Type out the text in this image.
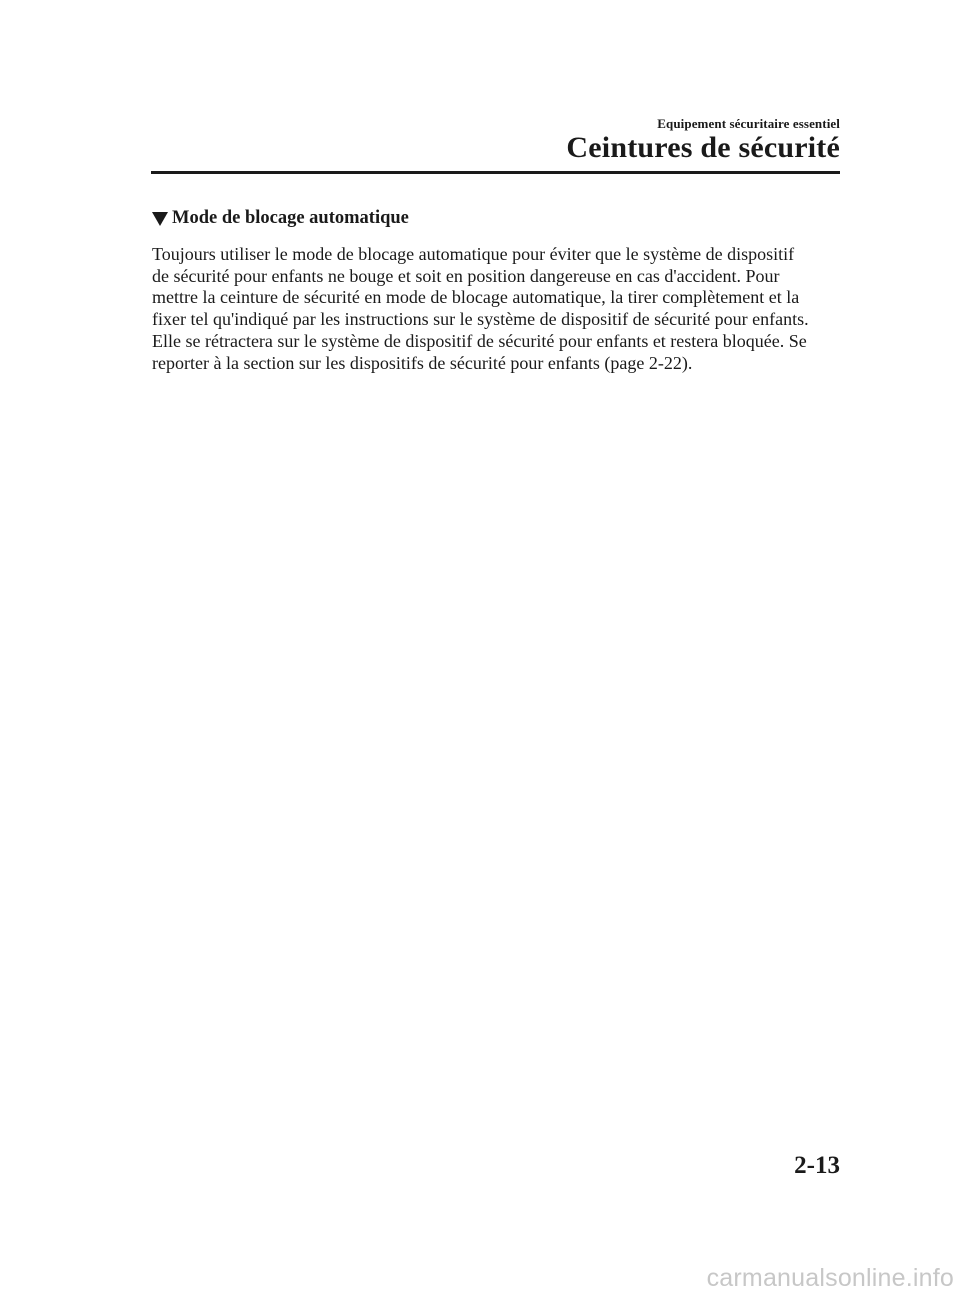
Equipement sécuritaire essentiel
Ceintures de sécurité
Mode de blocage automatique
Toujours utiliser le mode de blocage automatique pour éviter que le système de dispositif
de sécurité pour enfants ne bouge et soit en position dangereuse en cas d'accident. Pour
mettre la ceinture de sécurité en mode de blocage automatique, la tirer complètement et la
fixer tel qu'indiqué par les instructions sur le système de dispositif de sécurité pour enfants.
Elle se rétractera sur le système de dispositif de sécurité pour enfants et restera bloquée. Se
reporter à la section sur les dispositifs de sécurité pour enfants (page 2-22).
2-13
carmanualsonline.info
